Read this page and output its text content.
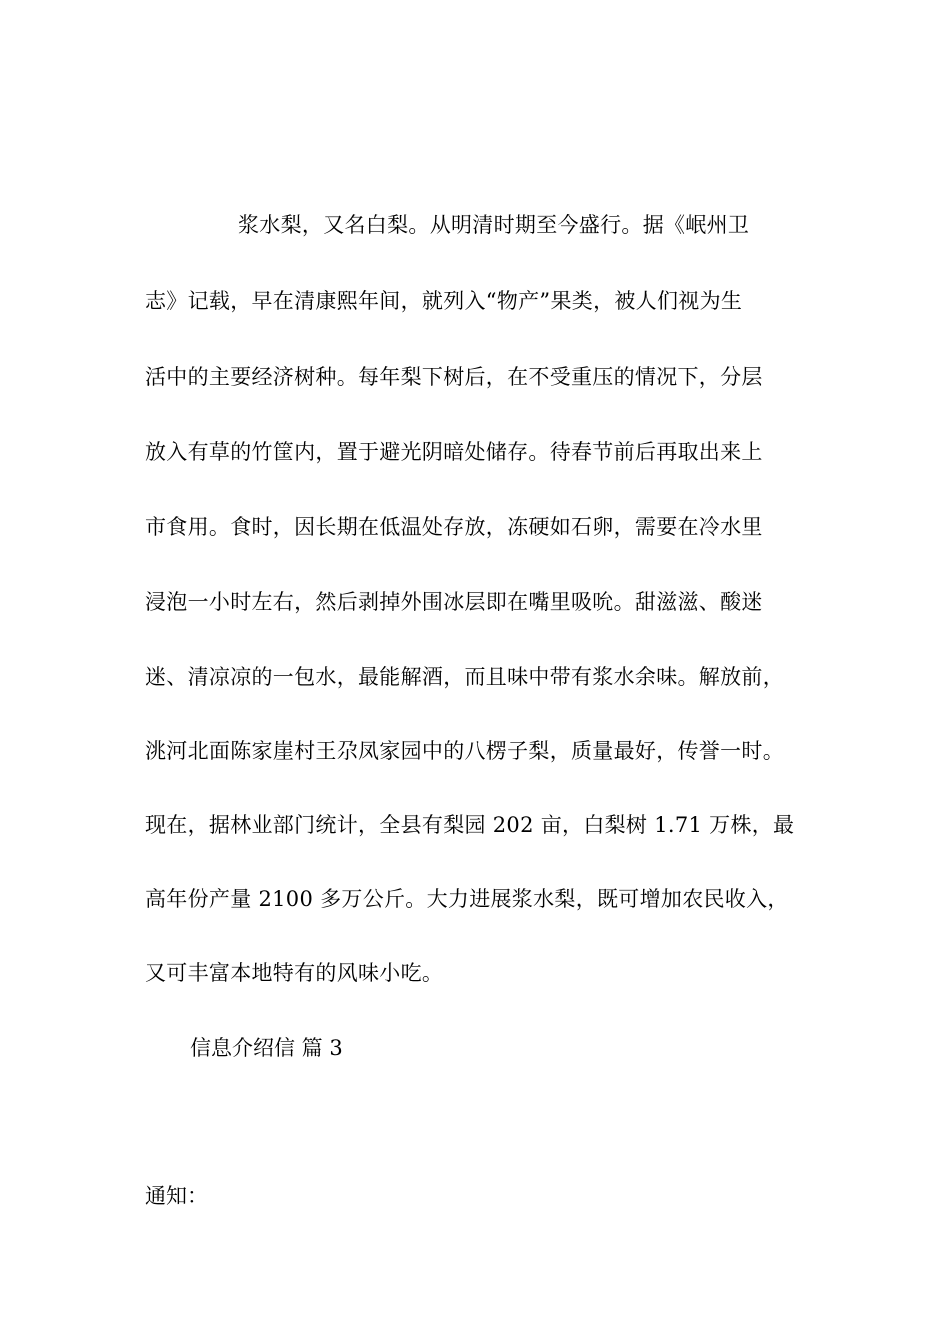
浆水梨，又名白梨。从明清时期至今盛行。据《岷州卫
志》记载，早在清康熙年间，就列入“物产”果类，被人们视为生
活中的主要经济树种。每年梨下树后，在不受重压的情况下，分层
放入有草的竹筐内，置于避光阴暗处储存。待春节前后再取出来上
市食用。食时，因长期在低温处存放，冻硬如石卵，需要在冷水里
浸泡一小时左右，然后剥掉外围冰层即在嘴里吸吮。甜滋滋、酸迷
迷、清凉凉的一包水，最能解酒，而且味中带有浆水余味。解放前，
洮河北面陈家崖村王尕凤家园中的八楞子梨，质量最好，传誉一时。
现在，据林业部门统计，全县有梨园 202 亩，白梨树 1.71 万株，最
高年份产量 2100 多万公斤。大力进展浆水梨，既可增加农民收入，
又可丰富本地特有的风味小吃。
信息介绍信 篇 3
通知：
